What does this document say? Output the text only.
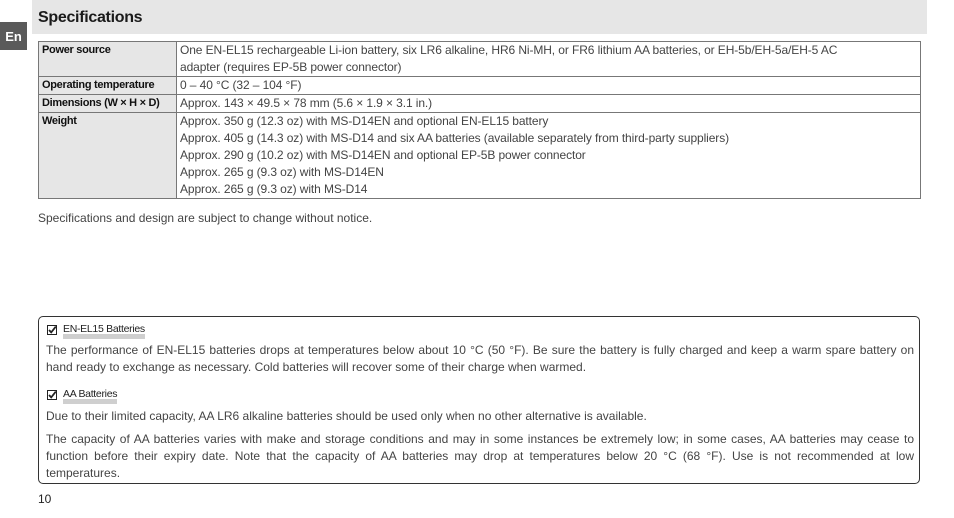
En
Specifications
Power source	One EN-EL15 rechargeable Li-ion battery, six LR6 alkaline, HR6 Ni-MH, or FR6 lithium AA batteries, or EH-5b/EH-5a/EH-5 AC
adapter (requires EP-5B power connector)

Operating temperature	0 – 40 °C (32 – 104 °F)

Dimensions (W × H × D)	Approx. 143 × 49.5 × 78 mm (5.6 × 1.9 × 3.1 in.)

Weight	Approx. 350 g (12.3 oz) with MS-D14EN and optional EN-EL15 battery
Approx. 405 g (14.3 oz) with MS-D14 and six AA batteries (available separately from third-party suppliers)
Approx. 290 g (10.2 oz) with MS-D14EN and optional EP-5B power connector
Approx. 265 g (9.3 oz) with MS-D14EN
Approx. 265 g (9.3 oz) with MS-D14
Specifications and design are subject to change without notice.
EN-EL15 Batteries

The performance of EN-EL15 batteries drops at temperatures below about 10 °C (50 °F). Be sure the battery is fully charged and keep a warm spare battery on hand ready to exchange as necessary. Cold batteries will recover some of their charge when warmed.

AA Batteries

Due to their limited capacity, AA LR6 alkaline batteries should be used only when no other alternative is available.

The capacity of AA batteries varies with make and storage conditions and may in some instances be extremely low; in some cases, AA batteries may cease to function before their expiry date. Note that the capacity of AA batteries may drop at temperatures below 20 °C (68 °F). Use is not recommended at low temperatures.

10
